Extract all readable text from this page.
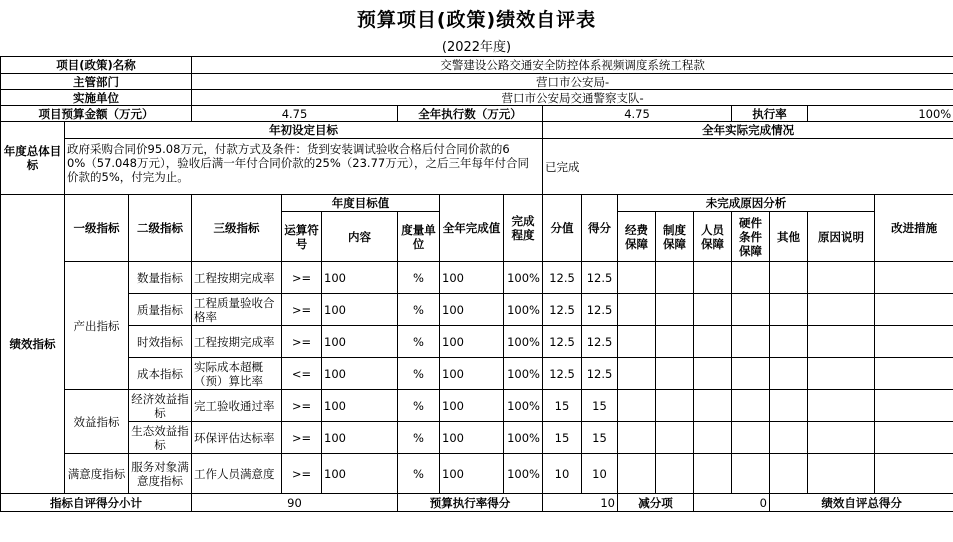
预算项目(政策)绩效自评表
(2022年度)
项目(政策)名称			交警建设公路交通安全防控体系视频调度系统工程款															
主管部门			营口市公安局-															
实施单位			营口市公安局交通警察支队-															
项目预算金额（万元）			4.75			全年执行数（万元）			4.75					执行率		100%		
年度总体目标	年初设定目标								全年实际完成情况									
	政府采购合同价95.08万元，付款方式及条件：货到安装调试验收合格后付合同价款的60%（57.048万元），验收后满一年付合同价款的25%（23.77万元），之后三年每年付合同价款的5%，付完为止。								已完成									
绩效指标	一级指标	二级指标	三级指标	年度目标值			全年完成值	完成程度	分值	得分	未完成原因分析						改进措施	
				运算符号	内容	度量单位					经费保障	制度保障	人员保障	硬件条件保障	其他	原因说明		
	产出指标	数量指标	工程按期完成率	>=	100	%	100	100%	12.5	12.5								
		质量指标	工程质量验收合格率	>=	100	%	100	100%	12.5	12.5								
		时效指标	工程按期完成率	>=	100	%	100	100%	12.5	12.5								
		成本指标	实际成本超概（预）算比率	<=	100	%	100	100%	12.5	12.5								
	效益指标	经济效益指标	完工验收通过率	>=	100	%	100	100%	15	15								
		生态效益指标	环保评估达标率	>=	100	%	100	100%	15	15								
	满意度指标	服务对象满意度指标	工作人员满意度	>=	100	%	100	100%	10	10								
指标自评得分小计			90			预算执行率得分			10		减分项		0		绩效自评总得分	
